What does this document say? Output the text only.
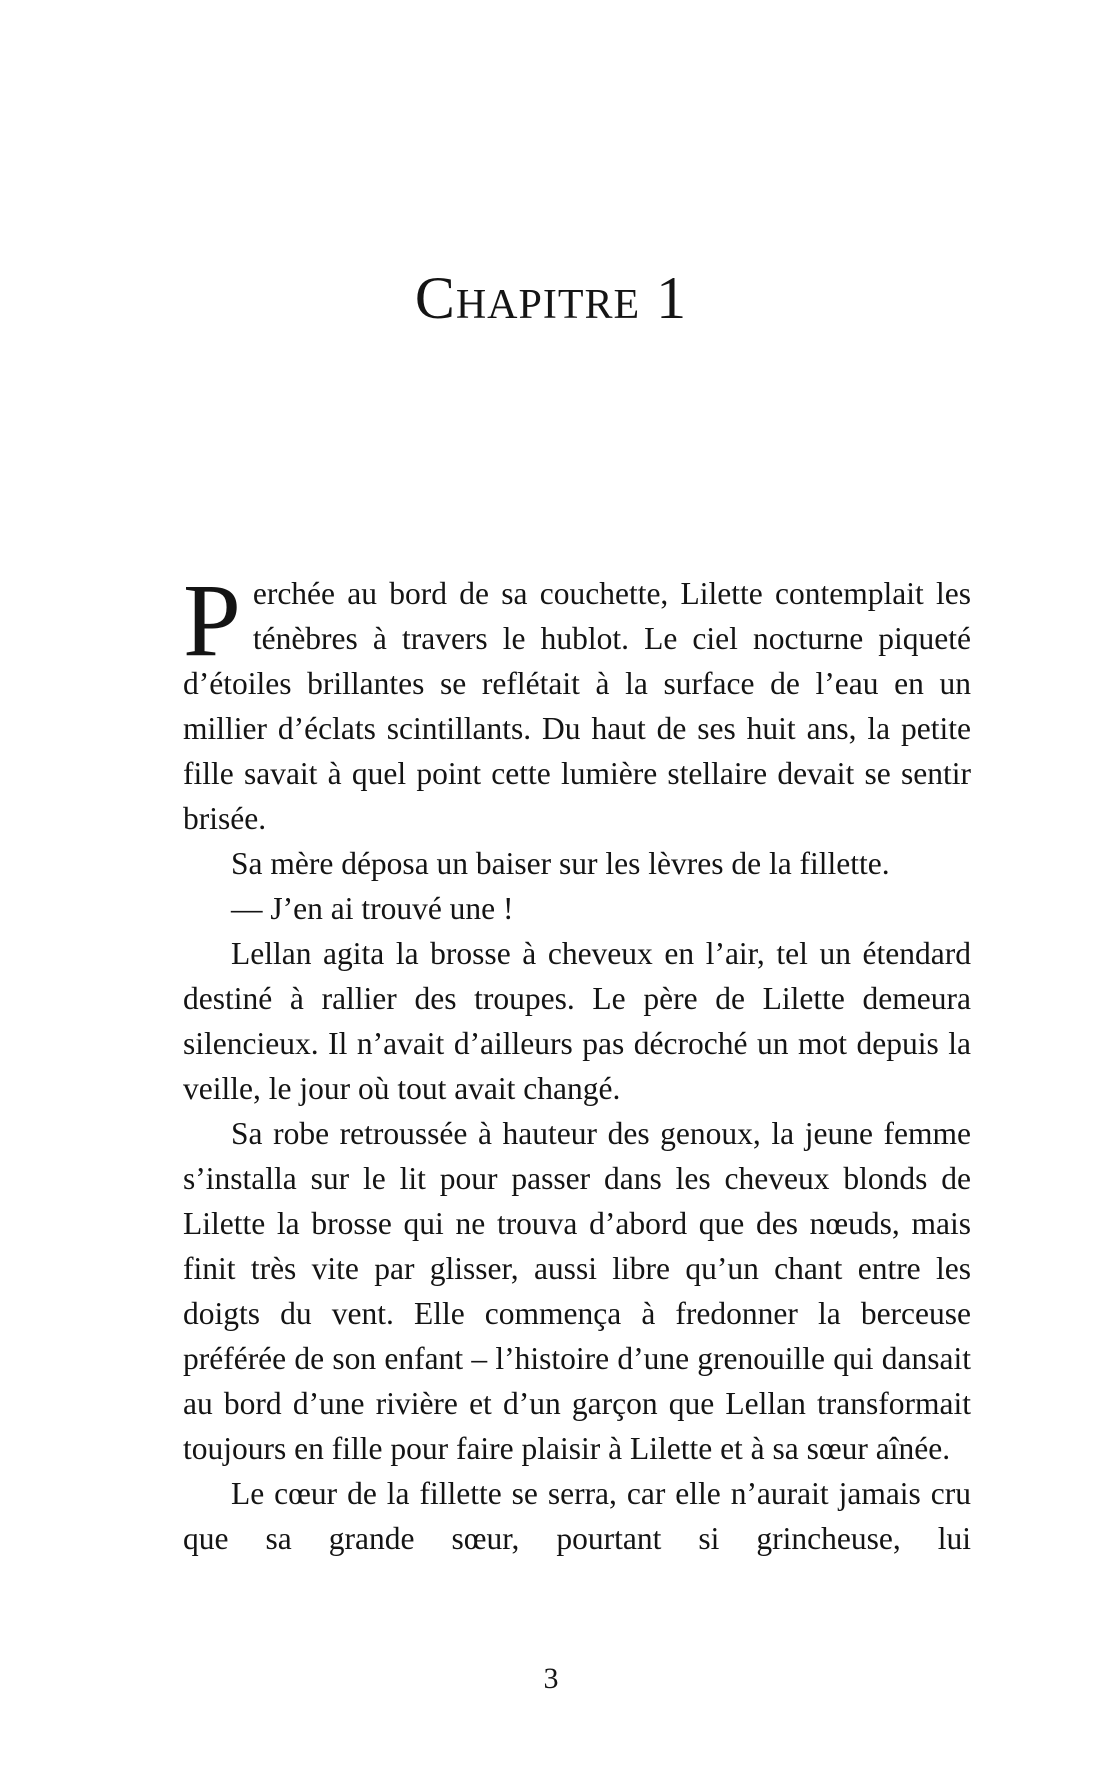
Chapitre 1

Perchée au bord de sa couchette, Lilette contemplait les ténèbres à travers le hublot. Le ciel nocturne piqueté d’étoiles brillantes se reflétait à la surface de l’eau en un millier d’éclats scintillants. Du haut de ses huit ans, la petite fille savait à quel point cette lumière stellaire devait se sentir brisée.

Sa mère déposa un baiser sur les lèvres de la fillette.

— J’en ai trouvé une !

Lellan agita la brosse à cheveux en l’air, tel un étendard destiné à rallier des troupes. Le père de Lilette demeura silencieux. Il n’avait d’ailleurs pas décroché un mot depuis la veille, le jour où tout avait changé.

Sa robe retroussée à hauteur des genoux, la jeune femme s’installa sur le lit pour passer dans les cheveux blonds de Lilette la brosse qui ne trouva d’abord que des nœuds, mais finit très vite par glisser, aussi libre qu’un chant entre les doigts du vent. Elle commença à fredonner la berceuse préférée de son enfant – l’histoire d’une grenouille qui dansait au bord d’une rivière et d’un garçon que Lellan transformait toujours en fille pour faire plaisir à Lilette et à sa sœur aînée.

Le cœur de la fillette se serra, car elle n’aurait jamais cru que sa grande sœur, pourtant si grincheuse, lui

3
